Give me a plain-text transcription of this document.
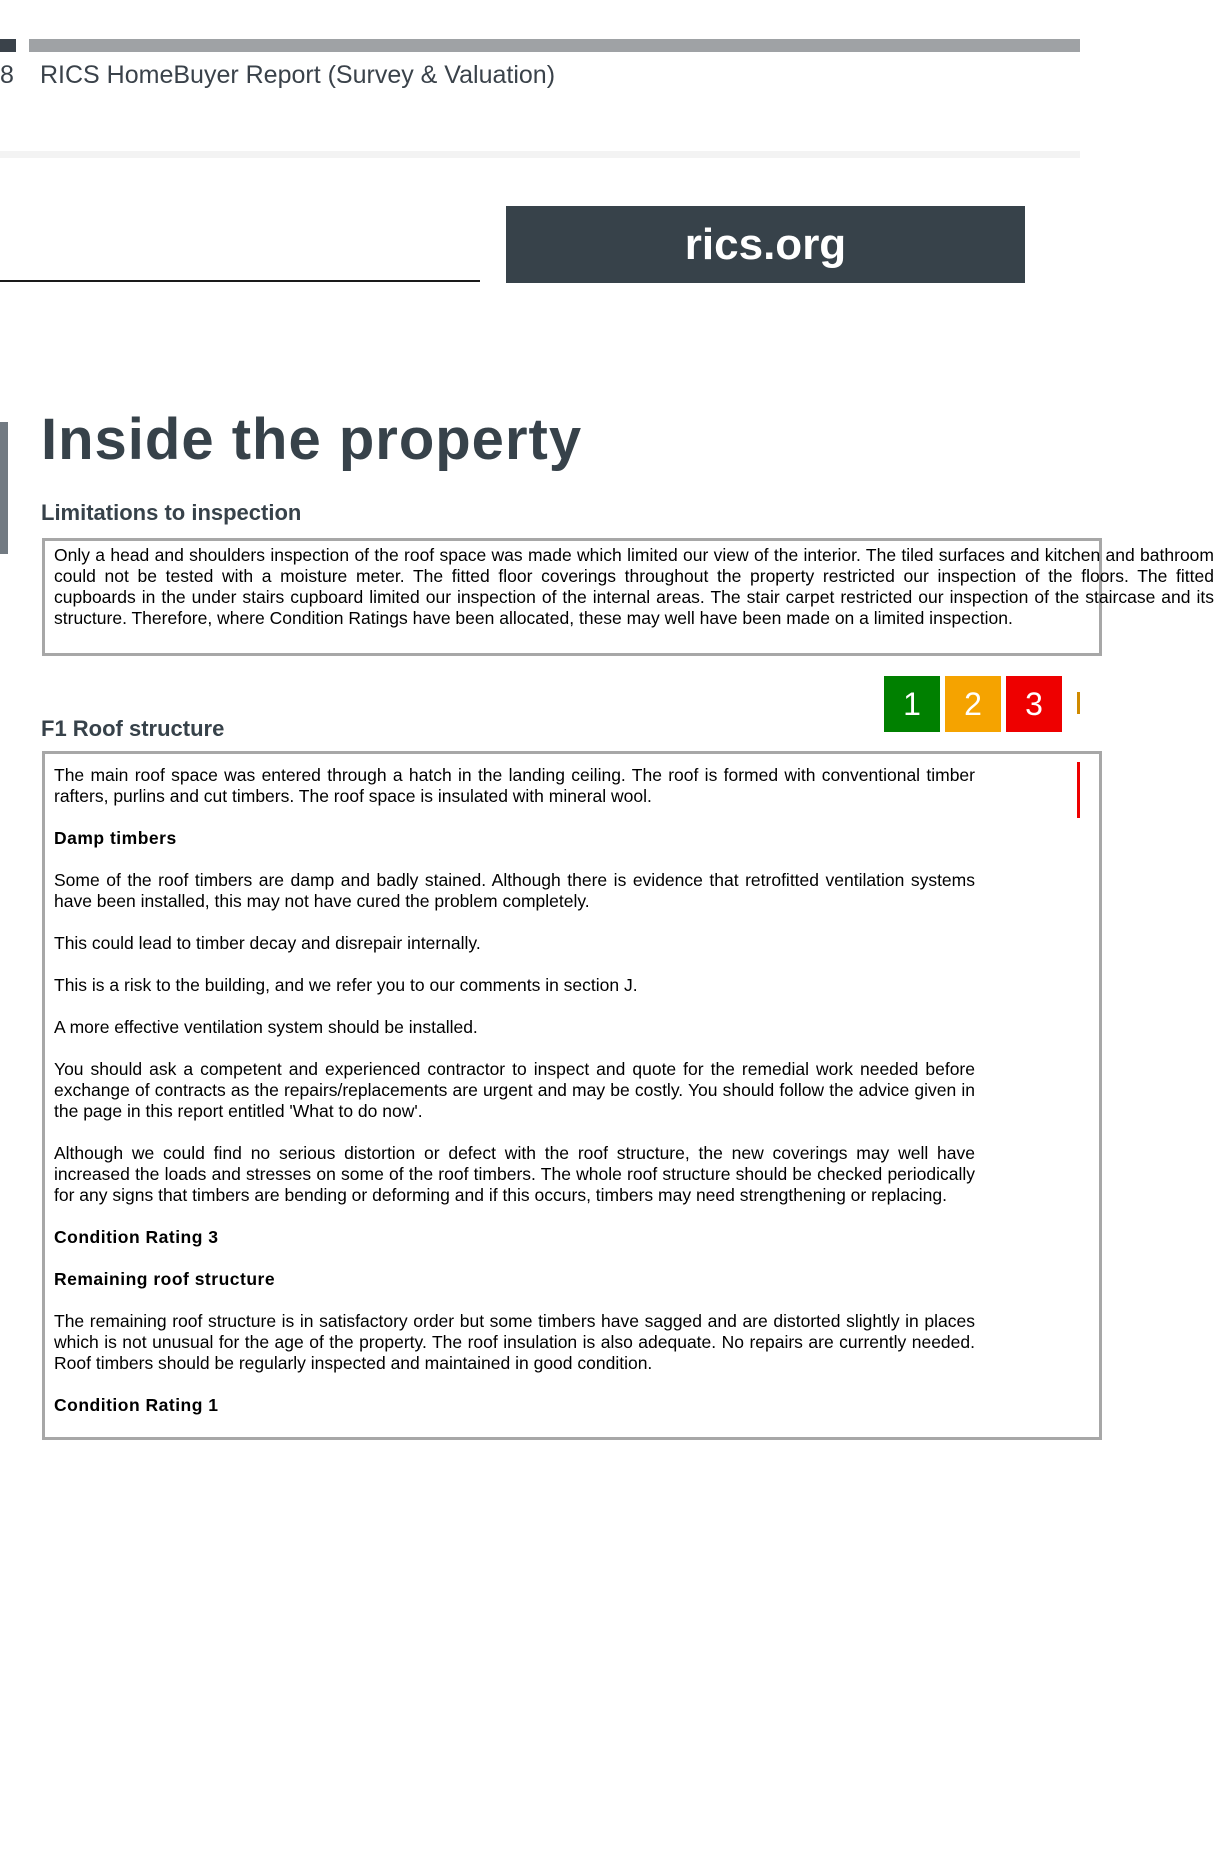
8 RICS HomeBuyer Report (Survey & Valuation)
rics.org
Inside the property
Limitations to inspection
Only a head and shoulders inspection of the roof space was made which limited our view of the interior. The tiled surfaces and kitchen and bathroom could not be tested with a moisture meter. The fitted floor coverings throughout the property restricted our inspection of the floors. The fitted cupboards in the under stairs cupboard limited our inspection of the internal areas. The stair carpet restricted our inspection of the staircase and its structure. Therefore, where Condition Ratings have been allocated, these may well have been made on a limited inspection.
1	2	3
F1 Roof structure

The main roof space was entered through a hatch in the landing ceiling. The roof is formed with conventional timber rafters, purlins and cut timbers. The roof space is insulated with mineral wool.

Damp timbers

Some of the roof timbers are damp and badly stained. Although there is evidence that retrofitted ventilation systems have been installed, this may not have cured the problem completely.

This could lead to timber decay and disrepair internally.

This is a risk to the building, and we refer you to our comments in section J.

A more effective ventilation system should be installed.

You should ask a competent and experienced contractor to inspect and quote for the remedial work needed before exchange of contracts as the repairs/replacements are urgent and may be costly. You should follow the advice given in the page in this report entitled 'What to do now'.

Although we could find no serious distortion or defect with the roof structure, the new coverings may well have increased the loads and stresses on some of the roof timbers. The whole roof structure should be checked periodically for any signs that timbers are bending or deforming and if this occurs, timbers may need strengthening or replacing.

Condition Rating 3

Remaining roof structure

The remaining roof structure is in satisfactory order but some timbers have sagged and are distorted slightly in places which is not unusual for the age of the property. The roof insulation is also adequate. No repairs are currently needed. Roof timbers should be regularly inspected and maintained in good condition.

Condition Rating 1
